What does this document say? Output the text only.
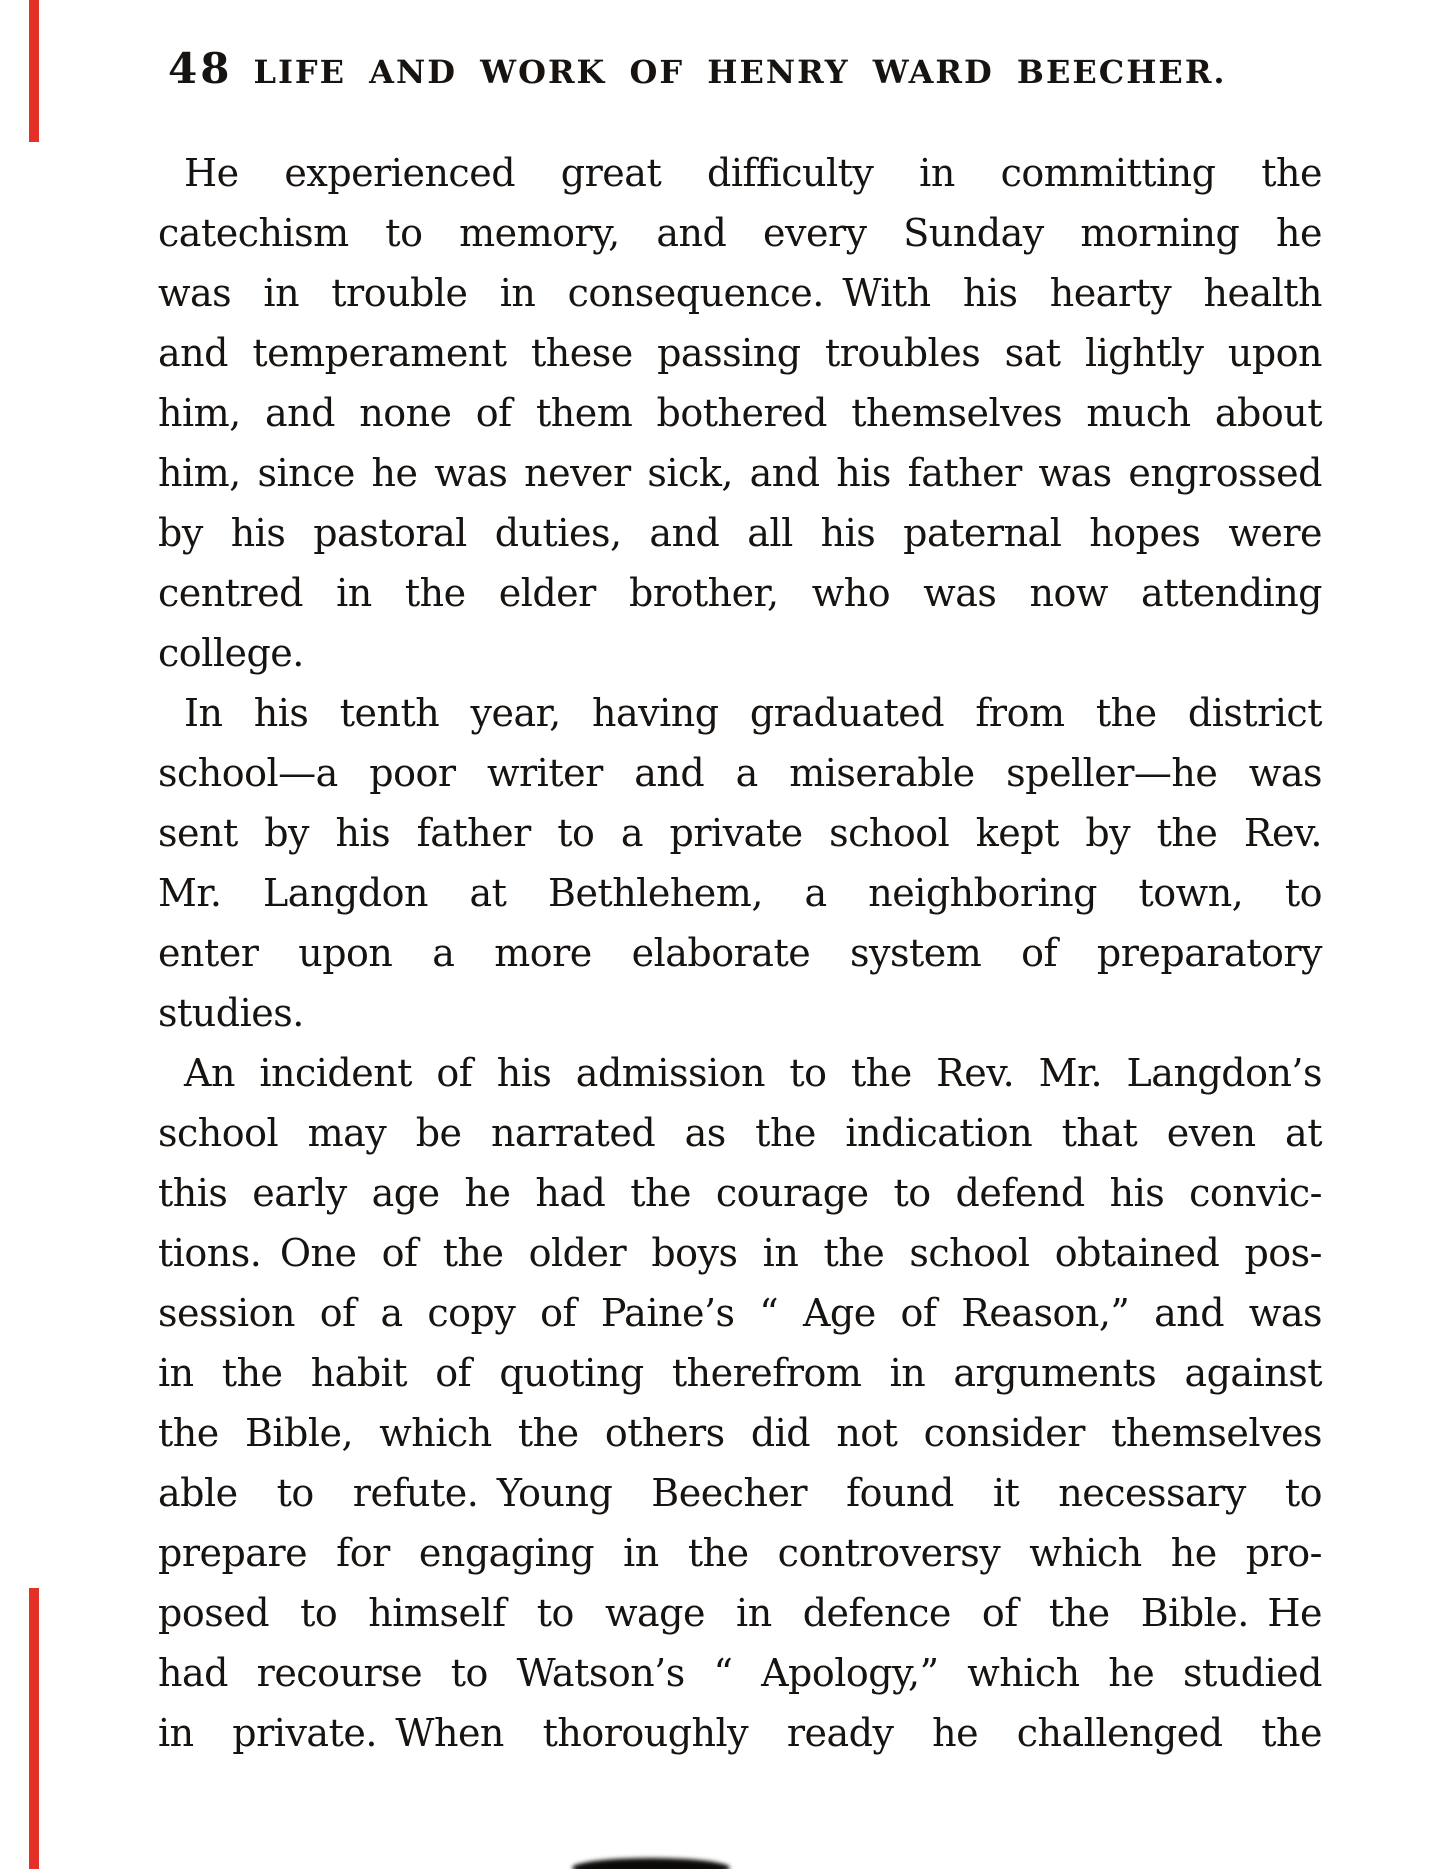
48 LIFE AND WORK OF HENRY WARD BEECHER.
He experienced great difficulty in committing the
catechism to memory, and every Sunday morning he
was in trouble in consequence. With his hearty health
and temperament these passing troubles sat lightly upon
him, and none of them bothered themselves much about
him, since he was never sick, and his father was engrossed
by his pastoral duties, and all his paternal hopes were
centred in the elder brother, who was now attending
college.
In his tenth year, having graduated from the district
school—a poor writer and a miserable speller—he was
sent by his father to a private school kept by the Rev.
Mr. Langdon at Bethlehem, a neighboring town, to
enter upon a more elaborate system of preparatory
studies.
An incident of his admission to the Rev. Mr. Langdon’s
school may be narrated as the indication that even at
this early age he had the courage to defend his convic-
tions. One of the older boys in the school obtained pos-
session of a copy of Paine’s “ Age of Reason,” and was
in the habit of quoting therefrom in arguments against
the Bible, which the others did not consider themselves
able to refute. Young Beecher found it necessary to
prepare for engaging in the controversy which he pro-
posed to himself to wage in defence of the Bible. He
had recourse to Watson’s “ Apology,” which he studied
in private. When thoroughly ready he challenged the
